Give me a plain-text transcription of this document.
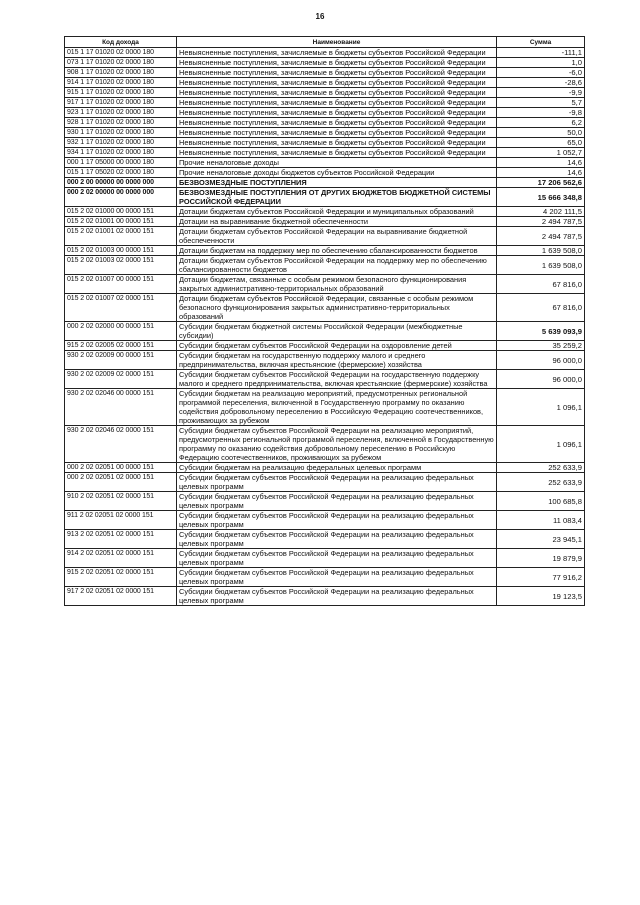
16
Код дохода	Наименование	Сумма
015 1 17 01020 02 0000 180	Невыясненные поступления, зачисляемые в бюджеты субъектов Российской Федерации	-111,1
073 1 17 01020 02 0000 180	Невыясненные поступления, зачисляемые в бюджеты субъектов Российской Федерации	1,0
908 1 17 01020 02 0000 180	Невыясненные поступления, зачисляемые в бюджеты субъектов Российской Федерации	-6,0
914 1 17 01020 02 0000 180	Невыясненные поступления, зачисляемые в бюджеты субъектов Российской Федерации	-28,6
915 1 17 01020 02 0000 180	Невыясненные поступления, зачисляемые в бюджеты субъектов Российской Федерации	-9,9
917 1 17 01020 02 0000 180	Невыясненные поступления, зачисляемые в бюджеты субъектов Российской Федерации	5,7
923 1 17 01020 02 0000 180	Невыясненные поступления, зачисляемые в бюджеты субъектов Российской Федерации	-9,8
928 1 17 01020 02 0000 180	Невыясненные поступления, зачисляемые в бюджеты субъектов Российской Федерации	6,2
930 1 17 01020 02 0000 180	Невыясненные поступления, зачисляемые в бюджеты субъектов Российской Федерации	50,0
932 1 17 01020 02 0000 180	Невыясненные поступления, зачисляемые в бюджеты субъектов Российской Федерации	65,0
934 1 17 01020 02 0000 180	Невыясненные поступления, зачисляемые в бюджеты субъектов Российской Федерации	1 052,7
000 1 17 05000 00 0000 180	Прочие неналоговые доходы	14,6
015 1 17 05020 02 0000 180	Прочие неналоговые доходы бюджетов субъектов Российской Федерации	14,6
000 2 00 00000 00 0000 000	БЕЗВОЗМЕЗДНЫЕ ПОСТУПЛЕНИЯ	17 206 562,6
000 2 02 00000 00 0000 000	БЕЗВОЗМЕЗДНЫЕ ПОСТУПЛЕНИЯ ОТ ДРУГИХ БЮДЖЕТОВ БЮДЖЕТНОЙ СИСТЕМЫ РОССИЙСКОЙ ФЕДЕРАЦИИ	15 666 348,8
015 2 02 01000 00 0000 151	Дотации бюджетам субъектов Российской Федерации и муниципальных образований	4 202 111,5
015 2 02 01001 00 0000 151	Дотации на выравнивание бюджетной обеспеченности	2 494 787,5
015 2 02 01001 02 0000 151	Дотации бюджетам субъектов Российской Федерации на выравнивание бюджетной обеспеченности	2 494 787,5
015 2 02 01003 00 0000 151	Дотации бюджетам на поддержку мер по обеспечению сбалансированности бюджетов	1 639 508,0
015 2 02 01003 02 0000 151	Дотации бюджетам субъектов Российской Федерации на поддержку мер по обеспечению сбалансированности бюджетов	1 639 508,0
015 2 02 01007 00 0000 151	Дотации бюджетам, связанные с особым режимом безопасного функционирования закрытых административно-территориальных образований	67 816,0
015 2 02 01007 02 0000 151	Дотации бюджетам субъектов Российской Федерации, связанные с особым режимом безопасного функционирования закрытых административно-территориальных образований	67 816,0
000 2 02 02000 00 0000 151	Субсидии бюджетам бюджетной системы Российской Федерации (межбюджетные субсидии)	5 639 093,9
915 2 02 02005 02 0000 151	Субсидии бюджетам субъектов Российской Федерации на оздоровление детей	35 259,2
930 2 02 02009 00 0000 151	Субсидии бюджетам на государственную поддержку малого и среднего предпринимательства, включая крестьянские (фермерские) хозяйства	96 000,0
930 2 02 02009 02 0000 151	Субсидии бюджетам субъектов Российской Федерации на государственную поддержку малого и среднего предпринимательства, включая крестьянские (фермерские) хозяйства	96 000,0
930 2 02 02046 00 0000 151	Субсидии бюджетам на реализацию мероприятий, предусмотренных региональной программой переселения, включенной в Государственную программу по оказанию содействия добровольному переселению в Российскую Федерацию соотечественников, проживающих за рубежом	1 096,1
930 2 02 02046 02 0000 151	Субсидии бюджетам субъектов Российской Федерации на реализацию мероприятий, предусмотренных региональной программой переселения, включенной в Государственную программу по оказанию содействия добровольному переселению в Российскую Федерацию соотечественников, проживающих за рубежом	1 096,1
000 2 02 02051 00 0000 151	Субсидии бюджетам на реализацию федеральных целевых программ	252 633,9
000 2 02 02051 02 0000 151	Субсидии бюджетам субъектов Российской Федерации на реализацию федеральных целевых программ	252 633,9
910 2 02 02051 02 0000 151	Субсидии бюджетам субъектов Российской Федерации на реализацию федеральных целевых программ	100 685,8
911 2 02 02051 02 0000 151	Субсидии бюджетам субъектов Российской Федерации на реализацию федеральных целевых программ	11 083,4
913 2 02 02051 02 0000 151	Субсидии бюджетам субъектов Российской Федерации на реализацию федеральных целевых программ	23 945,1
914 2 02 02051 02 0000 151	Субсидии бюджетам субъектов Российской Федерации на реализацию федеральных целевых программ	19 879,9
915 2 02 02051 02 0000 151	Субсидии бюджетам субъектов Российской Федерации на реализацию федеральных целевых программ	77 916,2
917 2 02 02051 02 0000 151	Субсидии бюджетам субъектов Российской Федерации на реализацию федеральных целевых программ	19 123,5
